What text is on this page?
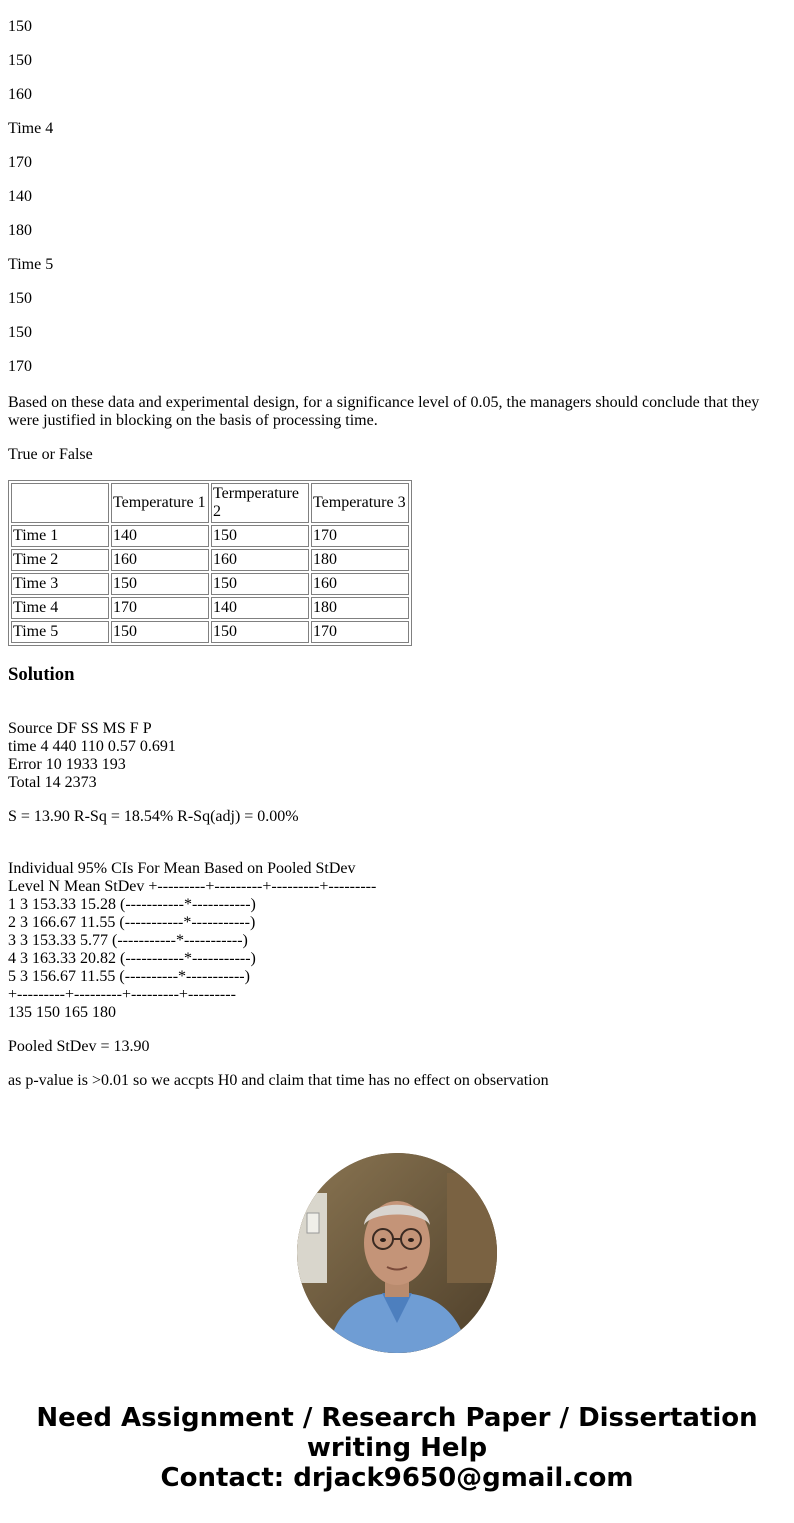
150

150

160

Time 4

170

140

180

Time 5

150

150

170

Based on these data and experimental design, for a significance level of 0.05, the managers should conclude that they were justified in blocking on the basis of processing time.

True or False

	Temperature 1	Termperature 2	Temperature 3
Time 1	140	150	170
Time 2	160	160	180
Time 3	150	150	160
Time 4	170	140	180
Time 5	150	150	170
Solution
Source DF SS MS F P
time 4 440 110 0.57 0.691
Error 10 1933 193
Total 14 2373
S = 13.90 R-Sq = 18.54% R-Sq(adj) = 0.00%
Individual 95% CIs For Mean Based on Pooled StDev
Level N Mean StDev +---------+---------+---------+---------
1 3 153.33 15.28 (-----------*-----------)
2 3 166.67 11.55 (-----------*-----------)
3 3 153.33 5.77 (-----------*-----------)
4 3 163.33 20.82 (-----------*-----------)
5 3 156.67 11.55 (----------*-----------)
+---------+---------+---------+---------
135 150 165 180
Pooled StDev = 13.90
as p-value is >0.01 so we accpts H0 and claim that time has no effect on observation
Need Assignment / Research Paper / Dissertation
writing Help
Contact: drjack9650@gmail.com
